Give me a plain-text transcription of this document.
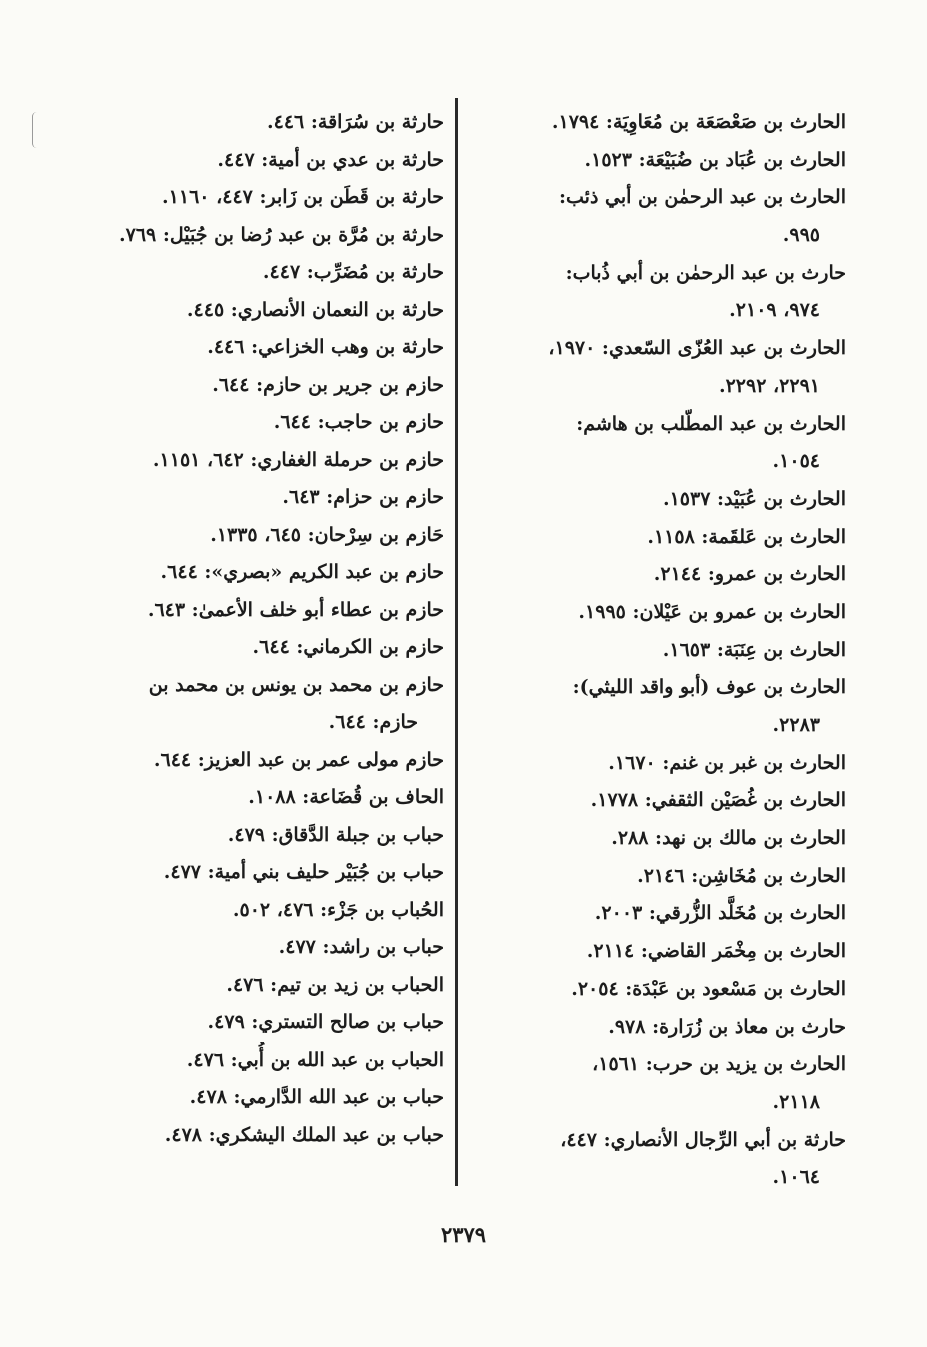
الحارث بن صَعْصَعَة بن مُعَاوِيَة: ١٧٩٤.
الحارث بن عُبَاد بن ضُبَيْعَة: ١٥٢٣.
الحارث بن عبد الرحمٰن بن أبي ذئب:
٩٩٥.
حارث بن عبد الرحمٰن بن أبي ذُباب:
٩٧٤، ٢١٠٩.
الحارث بن عبد العُزّى السّعدي: ١٩٧٠،
٢٢٩١، ٢٢٩٢.
الحارث بن عبد المطّلب بن هاشم:
١٠٥٤.
الحارث بن عُبَيْد: ١٥٣٧.
الحارث بن عَلقَمة: ١١٥٨.
الحارث بن عمرو: ٢١٤٤.
الحارث بن عمرو بن عَيْلان: ١٩٩٥.
الحارث بن عِنَبَة: ١٦٥٣.
الحارث بن عوف (أبو واقد الليثي):
٢٢٨٣.
الحارث بن غبر بن غنم: ١٦٧٠.
الحارث بن غُصَيْن الثقفي: ١٧٧٨.
الحارث بن مالك بن نهد: ٢٨٨.
الحارث بن مُخَاشِن: ٢١٤٦.
الحارث بن مُخَلَّد الزُّرقي: ٢٠٠٣.
الحارث بن مِخْمَر القاضي: ٢١١٤.
الحارث بن مَسْعود بن عَبْدَة: ٢٠٥٤.
حارث بن معاذ بن زُرَارة: ٩٧٨.
الحارث بن يزيد بن حرب: ١٥٦١،
٢١١٨.
حارثة بن أبي الرِّجال الأنصاري: ٤٤٧،
١٠٦٤.
حارثة بن سُرَاقة: ٤٤٦.
حارثة بن عدي بن أمية: ٤٤٧.
حارثة بن قَطَن بن زَابر: ٤٤٧، ١١٦٠.
حارثة بن مُرَّة بن عبد رُضا بن جُبَيْل: ٧٦٩.
حارثة بن مُضَرِّب: ٤٤٧.
حارثة بن النعمان الأنصاري: ٤٤٥.
حارثة بن وهب الخزاعي: ٤٤٦.
حازم بن جرير بن حازم: ٦٤٤.
حازم بن حاجب: ٦٤٤.
حازم بن حرملة الغفاري: ٦٤٢، ١١٥١.
حازم بن حزام: ٦٤٣.
حَازم بن سِرْحان: ٦٤٥، ١٣٣٥.
حازم بن عبد الكريم «بصري»: ٦٤٤.
حازم بن عطاء أبو خلف الأعمىٰ: ٦٤٣.
حازم بن الكرماني: ٦٤٤.
حازم بن محمد بن يونس بن محمد بن
حازم: ٦٤٤.
حازم مولى عمر بن عبد العزيز: ٦٤٤.
الحاف بن قُضَاعة: ١٠٨٨.
حباب بن جبلة الدَّقاق: ٤٧٩.
حباب بن جُبَيْر حليف بني أمية: ٤٧٧.
الحُباب بن جَزْء: ٤٧٦، ٥٠٢.
حباب بن راشد: ٤٧٧.
الحباب بن زيد بن تيم: ٤٧٦.
حباب بن صالح التستري: ٤٧٩.
الحباب بن عبد الله بن أُبي: ٤٧٦.
حباب بن عبد الله الدَّارمي: ٤٧٨.
حباب بن عبد الملك اليشكري: ٤٧٨.
٢٣٧٩
